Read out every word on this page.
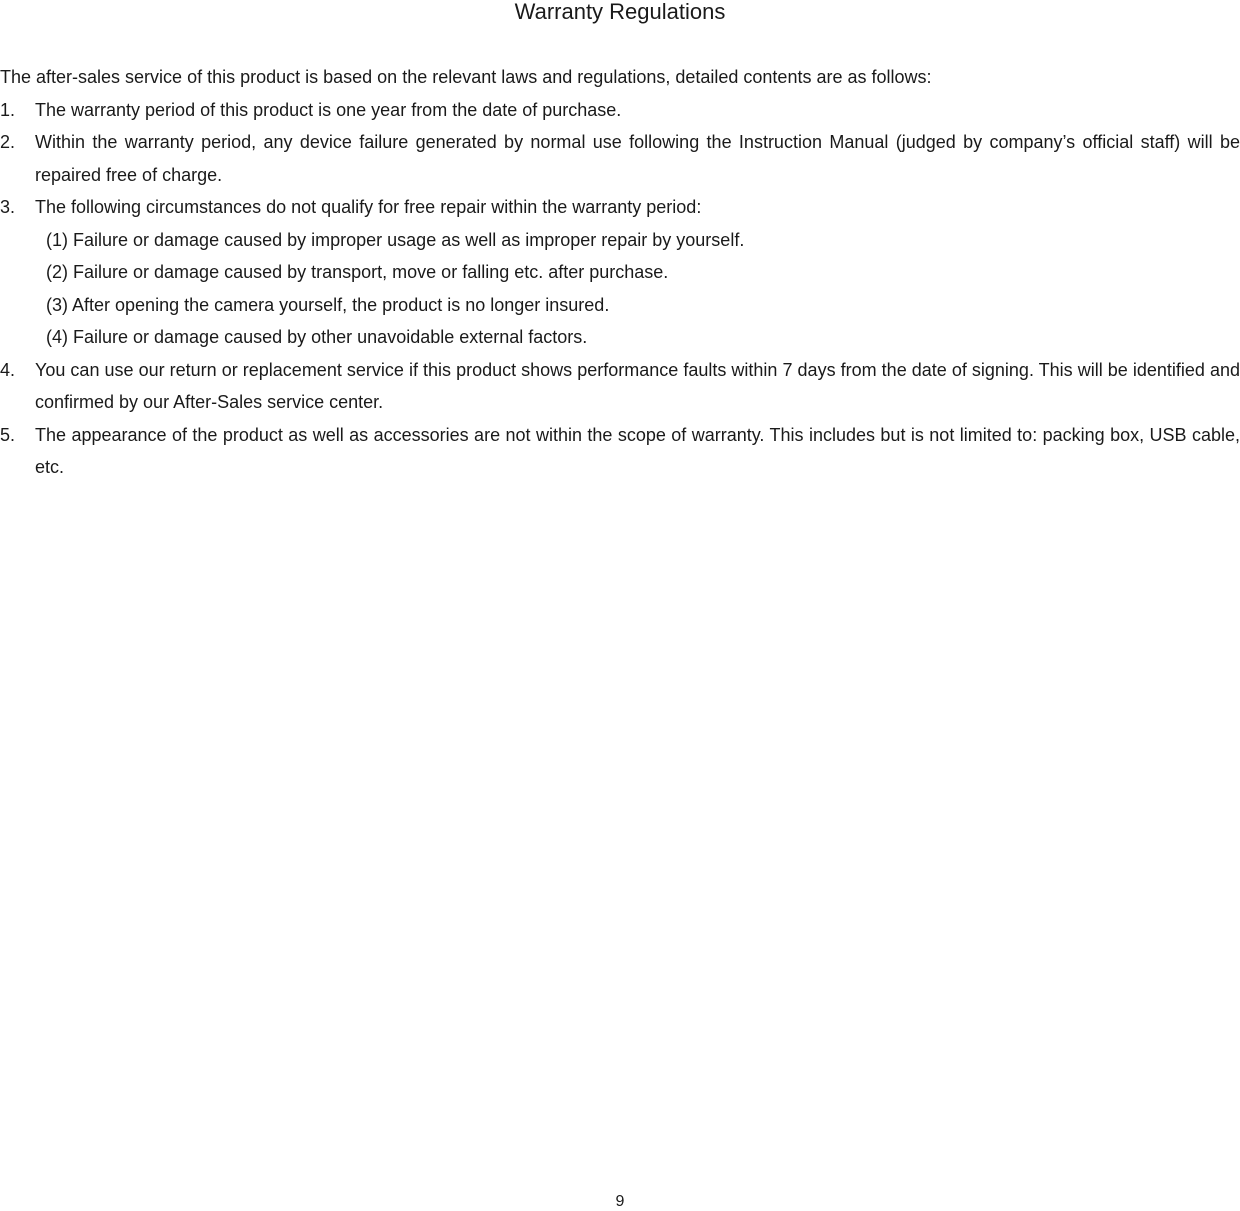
Warranty Regulations

The after-sales service of this product is based on the relevant laws and regulations, detailed contents are as follows:

1. The warranty period of this product is one year from the date of purchase.
2. Within the warranty period, any device failure generated by normal use following the Instruction Manual (judged by company’s official staff) will be repaired free of charge.
3. The following circumstances do not qualify for free repair within the warranty period:
(1) Failure or damage caused by improper usage as well as improper repair by yourself.
(2) Failure or damage caused by transport, move or falling etc. after purchase.
(3) After opening the camera yourself, the product is no longer insured.
(4) Failure or damage caused by other unavoidable external factors.
4. You can use our return or replacement service if this product shows performance faults within 7 days from the date of signing. This will be identified and confirmed by our After-Sales service center.
5. The appearance of the product as well as accessories are not within the scope of warranty. This includes but is not limited to: packing box, USB cable, etc.
9
